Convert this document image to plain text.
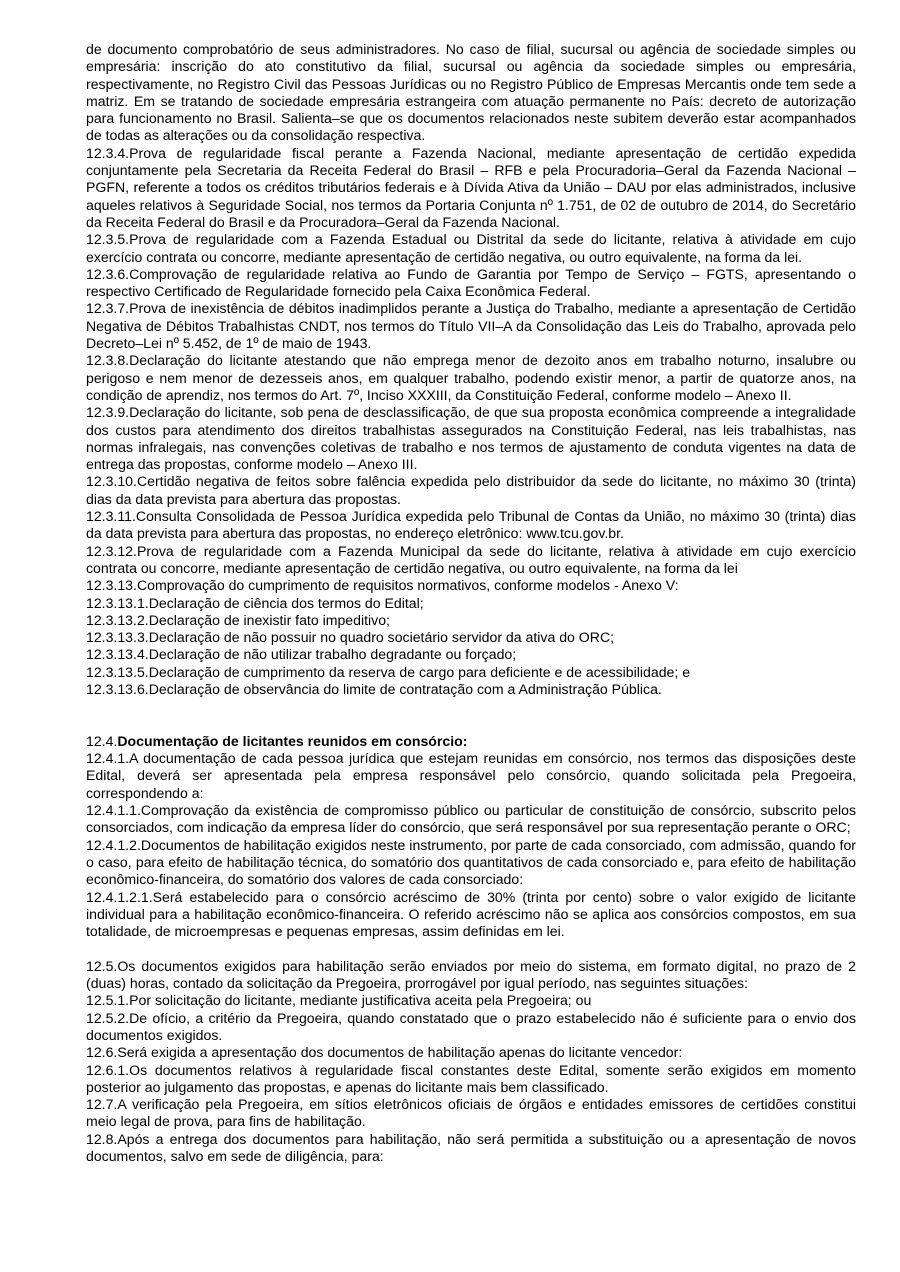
de documento comprobatório de seus administradores. No caso de filial, sucursal ou agência de sociedade simples ou empresária: inscrição do ato constitutivo da filial, sucursal ou agência da sociedade simples ou empresária, respectivamente, no Registro Civil das Pessoas Jurídicas ou no Registro Público de Empresas Mercantis onde tem sede a matriz. Em se tratando de sociedade empresária estrangeira com atuação permanente no País: decreto de autorização para funcionamento no Brasil. Salienta–se que os documentos relacionados neste subitem deverão estar acompanhados de todas as alterações ou da consolidação respectiva.

12.3.4.Prova de regularidade fiscal perante a Fazenda Nacional, mediante apresentação de certidão expedida conjuntamente pela Secretaria da Receita Federal do Brasil – RFB e pela Procuradoria–Geral da Fazenda Nacional – PGFN, referente a todos os créditos tributários federais e à Dívida Ativa da União – DAU por elas administrados, inclusive aqueles relativos à Seguridade Social, nos termos da Portaria Conjunta nº 1.751, de 02 de outubro de 2014, do Secretário da Receita Federal do Brasil e da Procuradora–Geral da Fazenda Nacional.

12.3.5.Prova de regularidade com a Fazenda Estadual ou Distrital da sede do licitante, relativa à atividade em cujo exercício contrata ou concorre, mediante apresentação de certidão negativa, ou outro equivalente, na forma da lei.

12.3.6.Comprovação de regularidade relativa ao Fundo de Garantia por Tempo de Serviço – FGTS, apresentando o respectivo Certificado de Regularidade fornecido pela Caixa Econômica Federal.

12.3.7.Prova de inexistência de débitos inadimplidos perante a Justiça do Trabalho, mediante a apresentação de Certidão Negativa de Débitos Trabalhistas CNDT, nos termos do Título VII–A da Consolidação das Leis do Trabalho, aprovada pelo Decreto–Lei nº 5.452, de 1º de maio de 1943.

12.3.8.Declaração do licitante atestando que não emprega menor de dezoito anos em trabalho noturno, insalubre ou perigoso e nem menor de dezesseis anos, em qualquer trabalho, podendo existir menor, a partir de quatorze anos, na condição de aprendiz, nos termos do Art. 7º, Inciso XXXIII, da Constituição Federal, conforme modelo – Anexo II.

12.3.9.Declaração do licitante, sob pena de desclassificação, de que sua proposta econômica compreende a integralidade dos custos para atendimento dos direitos trabalhistas assegurados na Constituição Federal, nas leis trabalhistas, nas normas infralegais, nas convenções coletivas de trabalho e nos termos de ajustamento de conduta vigentes na data de entrega das propostas, conforme modelo – Anexo III.

12.3.10.Certidão negativa de feitos sobre falência expedida pelo distribuidor da sede do licitante, no máximo 30 (trinta) dias da data prevista para abertura das propostas.

12.3.11.Consulta Consolidada de Pessoa Jurídica expedida pelo Tribunal de Contas da União, no máximo 30 (trinta) dias da data prevista para abertura das propostas, no endereço eletrônico: www.tcu.gov.br.

12.3.12.Prova de regularidade com a Fazenda Municipal da sede do licitante, relativa à atividade em cujo exercício contrata ou concorre, mediante apresentação de certidão negativa, ou outro equivalente, na forma da lei

12.3.13.Comprovação do cumprimento de requisitos normativos, conforme modelos - Anexo V:

12.3.13.1.Declaração de ciência dos termos do Edital;

12.3.13.2.Declaração de inexistir fato impeditivo;

12.3.13.3.Declaração de não possuir no quadro societário servidor da ativa do ORC;

12.3.13.4.Declaração de não utilizar trabalho degradante ou forçado;

12.3.13.5.Declaração de cumprimento da reserva de cargo para deficiente e de acessibilidade; e

12.3.13.6.Declaração de observância do limite de contratação com a Administração Pública.

12.4.Documentação de licitantes reunidos em consórcio:

12.4.1.A documentação de cada pessoa jurídica que estejam reunidas em consórcio, nos termos das disposições deste Edital, deverá ser apresentada pela empresa responsável pelo consórcio, quando solicitada pela Pregoeira, correspondendo a:

12.4.1.1.Comprovação da existência de compromisso público ou particular de constituição de consórcio, subscrito pelos consorciados, com indicação da empresa líder do consórcio, que será responsável por sua representação perante o ORC;

12.4.1.2.Documentos de habilitação exigidos neste instrumento, por parte de cada consorciado, com admissão, quando for o caso, para efeito de habilitação técnica, do somatório dos quantitativos de cada consorciado e, para efeito de habilitação econômico-financeira, do somatório dos valores de cada consorciado:

12.4.1.2.1.Será estabelecido para o consórcio acréscimo de 30% (trinta por cento) sobre o valor exigido de licitante individual para a habilitação econômico-financeira. O referido acréscimo não se aplica aos consórcios compostos, em sua totalidade, de microempresas e pequenas empresas, assim definidas em lei.

12.5.Os documentos exigidos para habilitação serão enviados por meio do sistema, em formato digital, no prazo de 2 (duas) horas, contado da solicitação da Pregoeira, prorrogável por igual período, nas seguintes situações:

12.5.1.Por solicitação do licitante, mediante justificativa aceita pela Pregoeira; ou

12.5.2.De ofício, a critério da Pregoeira, quando constatado que o prazo estabelecido não é suficiente para o envio dos documentos exigidos.

12.6.Será exigida a apresentação dos documentos de habilitação apenas do licitante vencedor:

12.6.1.Os documentos relativos à regularidade fiscal constantes deste Edital, somente serão exigidos em momento posterior ao julgamento das propostas, e apenas do licitante mais bem classificado.

12.7.A verificação pela Pregoeira, em sítios eletrônicos oficiais de órgãos e entidades emissores de certidões constitui meio legal de prova, para fins de habilitação.

12.8.Após a entrega dos documentos para habilitação, não será permitida a substituição ou a apresentação de novos documentos, salvo em sede de diligência, para:
